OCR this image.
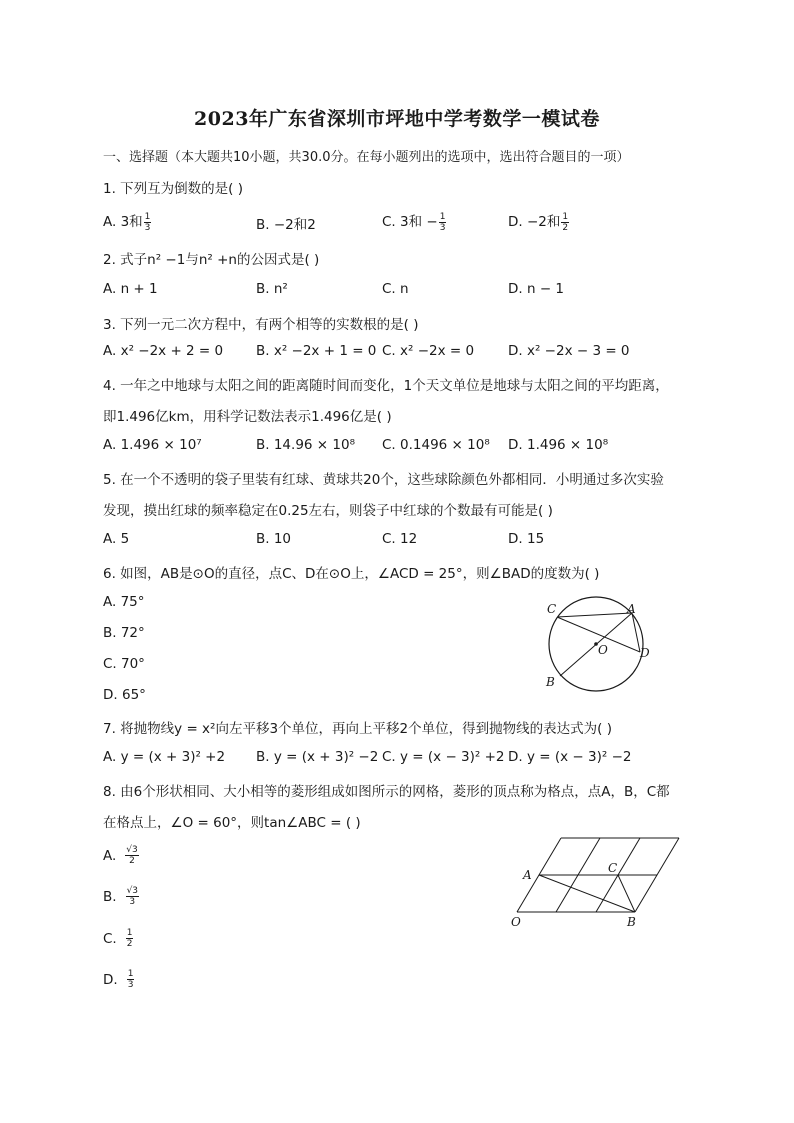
2023年广东省深圳市坪地中学考数学一模试卷
一、选择题（本大题共10小题，共30.0分。在每小题列出的选项中，选出符合题目的一项）
1. 下列互为倒数的是( )
A. 3和 $\frac{1}{3}$	B. −2和2	C. 3和 − $\frac{1}{3}$	D. −2和 $\frac{1}{2}$
2. 式子n² −1与n² +n的公因式是( )
A. n + 1	B. n²	C. n	D. n − 1
3. 下列一元二次方程中，有两个相等的实数根的是( )
A. x² −2x + 2 = 0 B. x² −2x + 1 = 0 C. x² −2x = 0	D. x² −2x − 3 = 0
4. 一年之中地球与太阳之间的距离随时间而变化，1个天文单位是地球与太阳之间的平均距离，
即1.496亿km，用科学记数法表示1.496亿是( )
A. 1.496 × 10⁷	B. 14.96 × 10⁸ C. 0.1496 × 10⁸ D. 1.496 × 10⁸
5. 在一个不透明的袋子里装有红球、黄球共20个，这些球除颜色外都相同．小明通过多次实验
发现，摸出红球的频率稳定在0.25左右，则袋子中红球的个数最有可能是( )
A. 5	B. 10	C. 12	D. 15
6. 如图，AB是⊙O的直径，点C、D在⊙O上，∠ACD = 25°，则∠BAD的度数为( )
A. 75°
B. 72°
C. 70°
D. 65°
C	A
O	D
B
7. 将抛物线y = x²向左平移3个单位，再向上平移2个单位，得到抛物线的表达式为( )
A. y = (x + 3)² +2 B. y = (x + 3)² −2 C. y = (x − 3)² +2 D. y = (x − 3)² −2
8. 由6个形状相同、大小相等的菱形组成如图所示的网格，菱形的顶点称为格点，点A，B，C都
在格点上，∠O = 60°，则tan∠ABC = ( )
A. $\frac{√3}{2}$
B. $\frac{√3}{3}$
C. $\frac{1}{2}$
D. $\frac{1}{3}$
A	C
O	B
